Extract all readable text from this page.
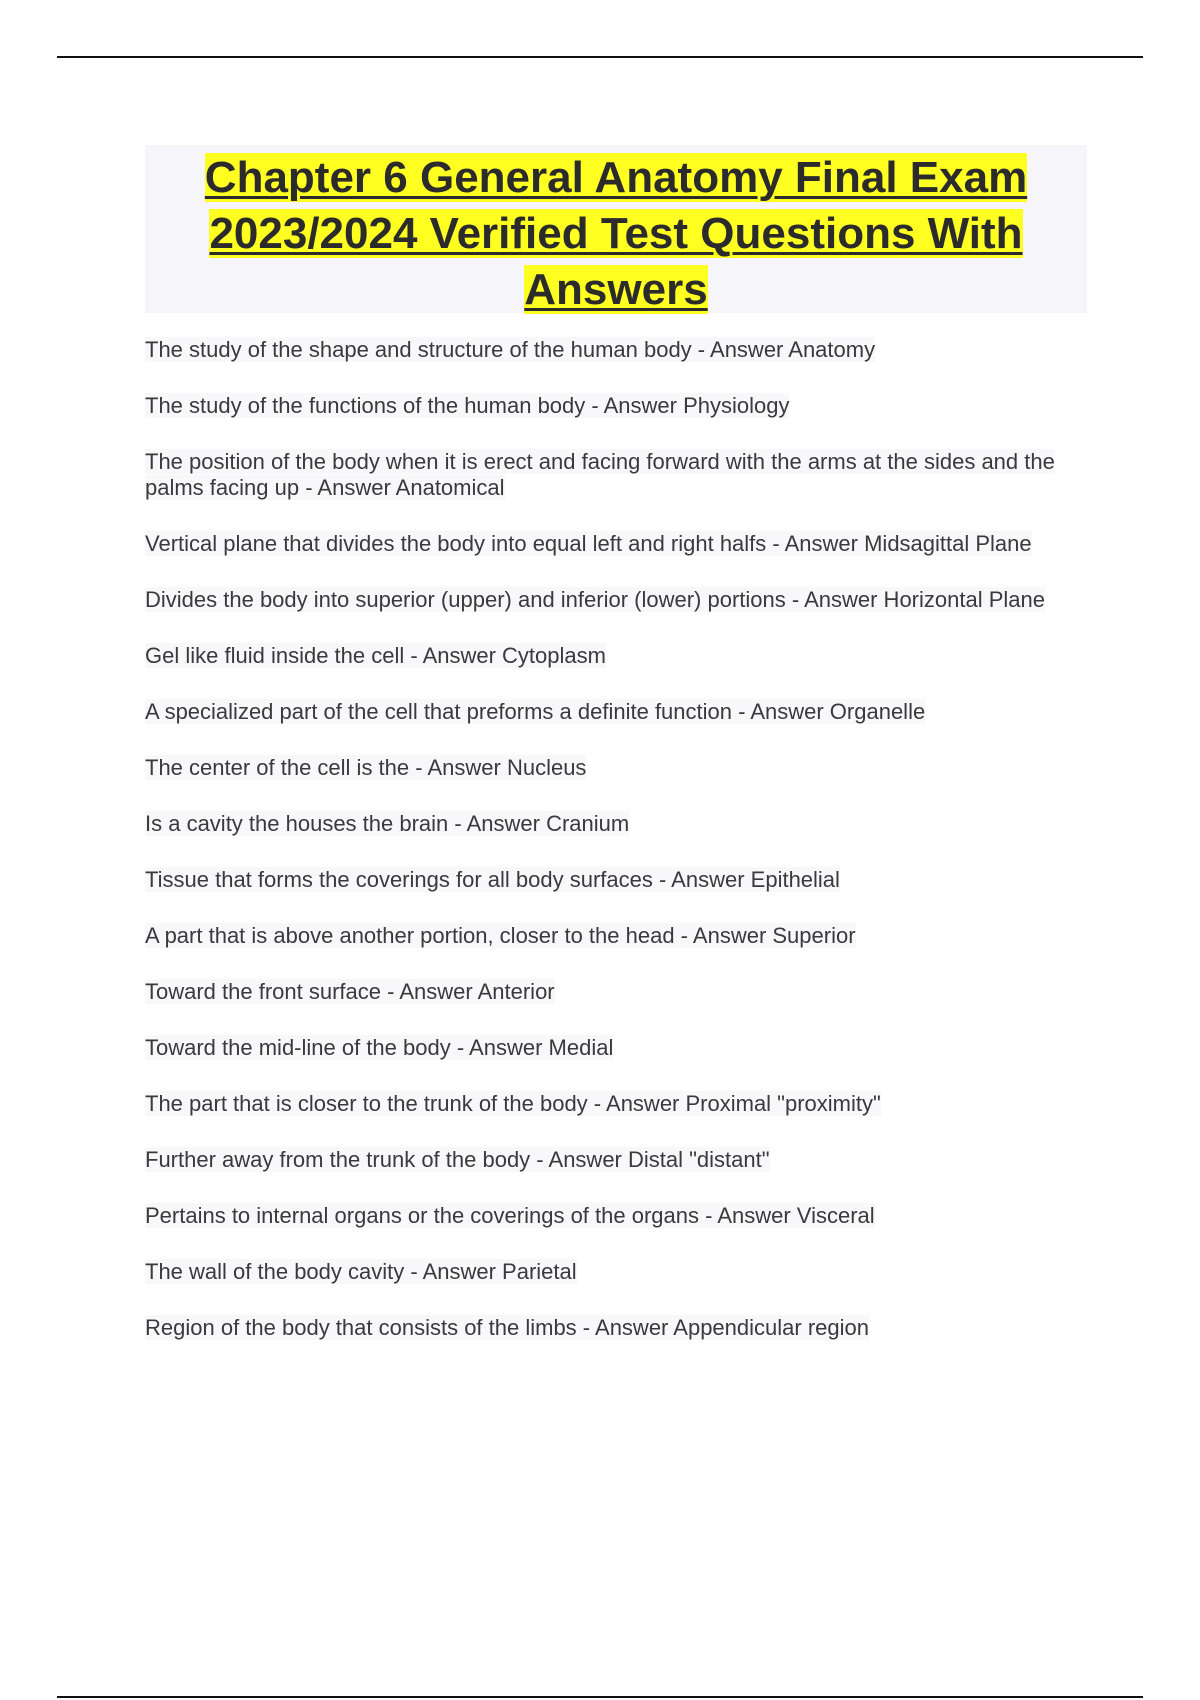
Chapter 6 General Anatomy Final Exam 2023/2024 Verified Test Questions With Answers
The study of the shape and structure of the human body - Answer Anatomy
The study of the functions of the human body - Answer Physiology
The position of the body when it is erect and facing forward with the arms at the sides and the palms facing up - Answer Anatomical
Vertical plane that divides the body into equal left and right halfs - Answer Midsagittal Plane
Divides the body into superior (upper) and inferior (lower) portions - Answer Horizontal Plane
Gel like fluid inside the cell - Answer Cytoplasm
A specialized part of the cell that preforms a definite function - Answer Organelle
The center of the cell is the - Answer Nucleus
Is a cavity the houses the brain - Answer Cranium
Tissue that forms the coverings for all body surfaces - Answer Epithelial
A part that is above another portion, closer to the head - Answer Superior
Toward the front surface - Answer Anterior
Toward the mid-line of the body - Answer Medial
The part that is closer to the trunk of the body - Answer Proximal "proximity"
Further away from the trunk of the body - Answer Distal "distant"
Pertains to internal organs or the coverings of the organs - Answer Visceral
The wall of the body cavity - Answer Parietal
Region of the body that consists of the limbs - Answer Appendicular region
